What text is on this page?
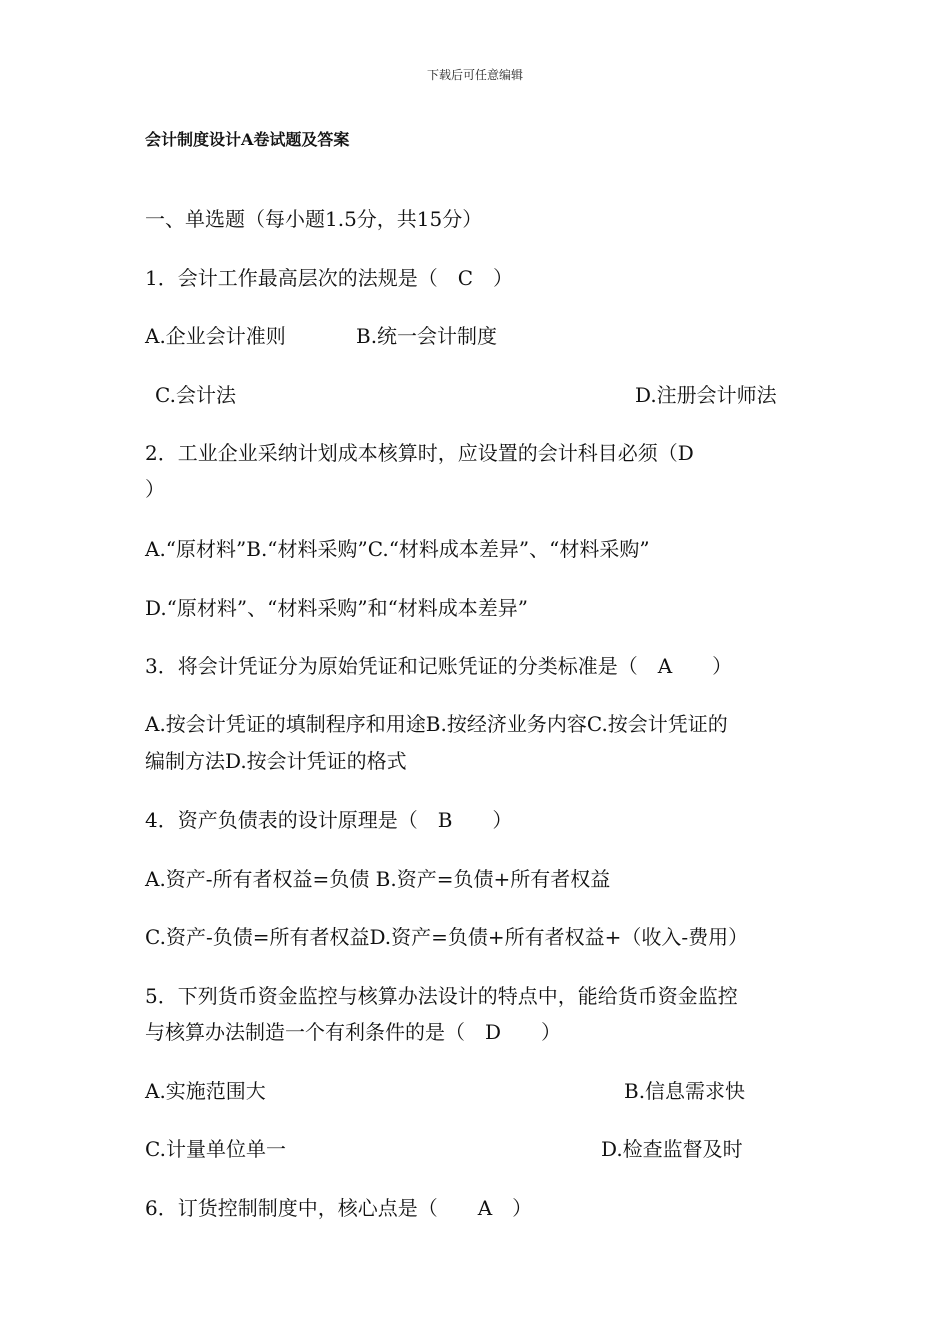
下载后可任意编辑
会计制度设计A卷试题及答案
一、单选题（每小题1.5分，共15分）
1．会计工作最高层次的法规是（　C　）
A.企业会计准则	B.统一会计制度
C.会计法	D.注册会计师法
2．工业企业采纳计划成本核算时，应设置的会计科目必须（D
）
A.“原材料”B.“材料采购”C.“材料成本差异”、“材料采购”
D.“原材料”、“材料采购”和“材料成本差异”
3．将会计凭证分为原始凭证和记账凭证的分类标准是（　A　　）
A.按会计凭证的填制程序和用途B.按经济业务内容C.按会计凭证的
编制方法D.按会计凭证的格式
4．资产负债表的设计原理是（　B　　）
A.资产-所有者权益=负债 B.资产=负债+所有者权益
C.资产-负债=所有者权益D.资产=负债+所有者权益+（收入-费用）
5．下列货币资金监控与核算办法设计的特点中，能给货币资金监控
与核算办法制造一个有利条件的是（　D　　）
A.实施范围大	B.信息需求快
C.计量单位单一	D.检查监督及时
6．订货控制制度中，核心点是（　　A　）
